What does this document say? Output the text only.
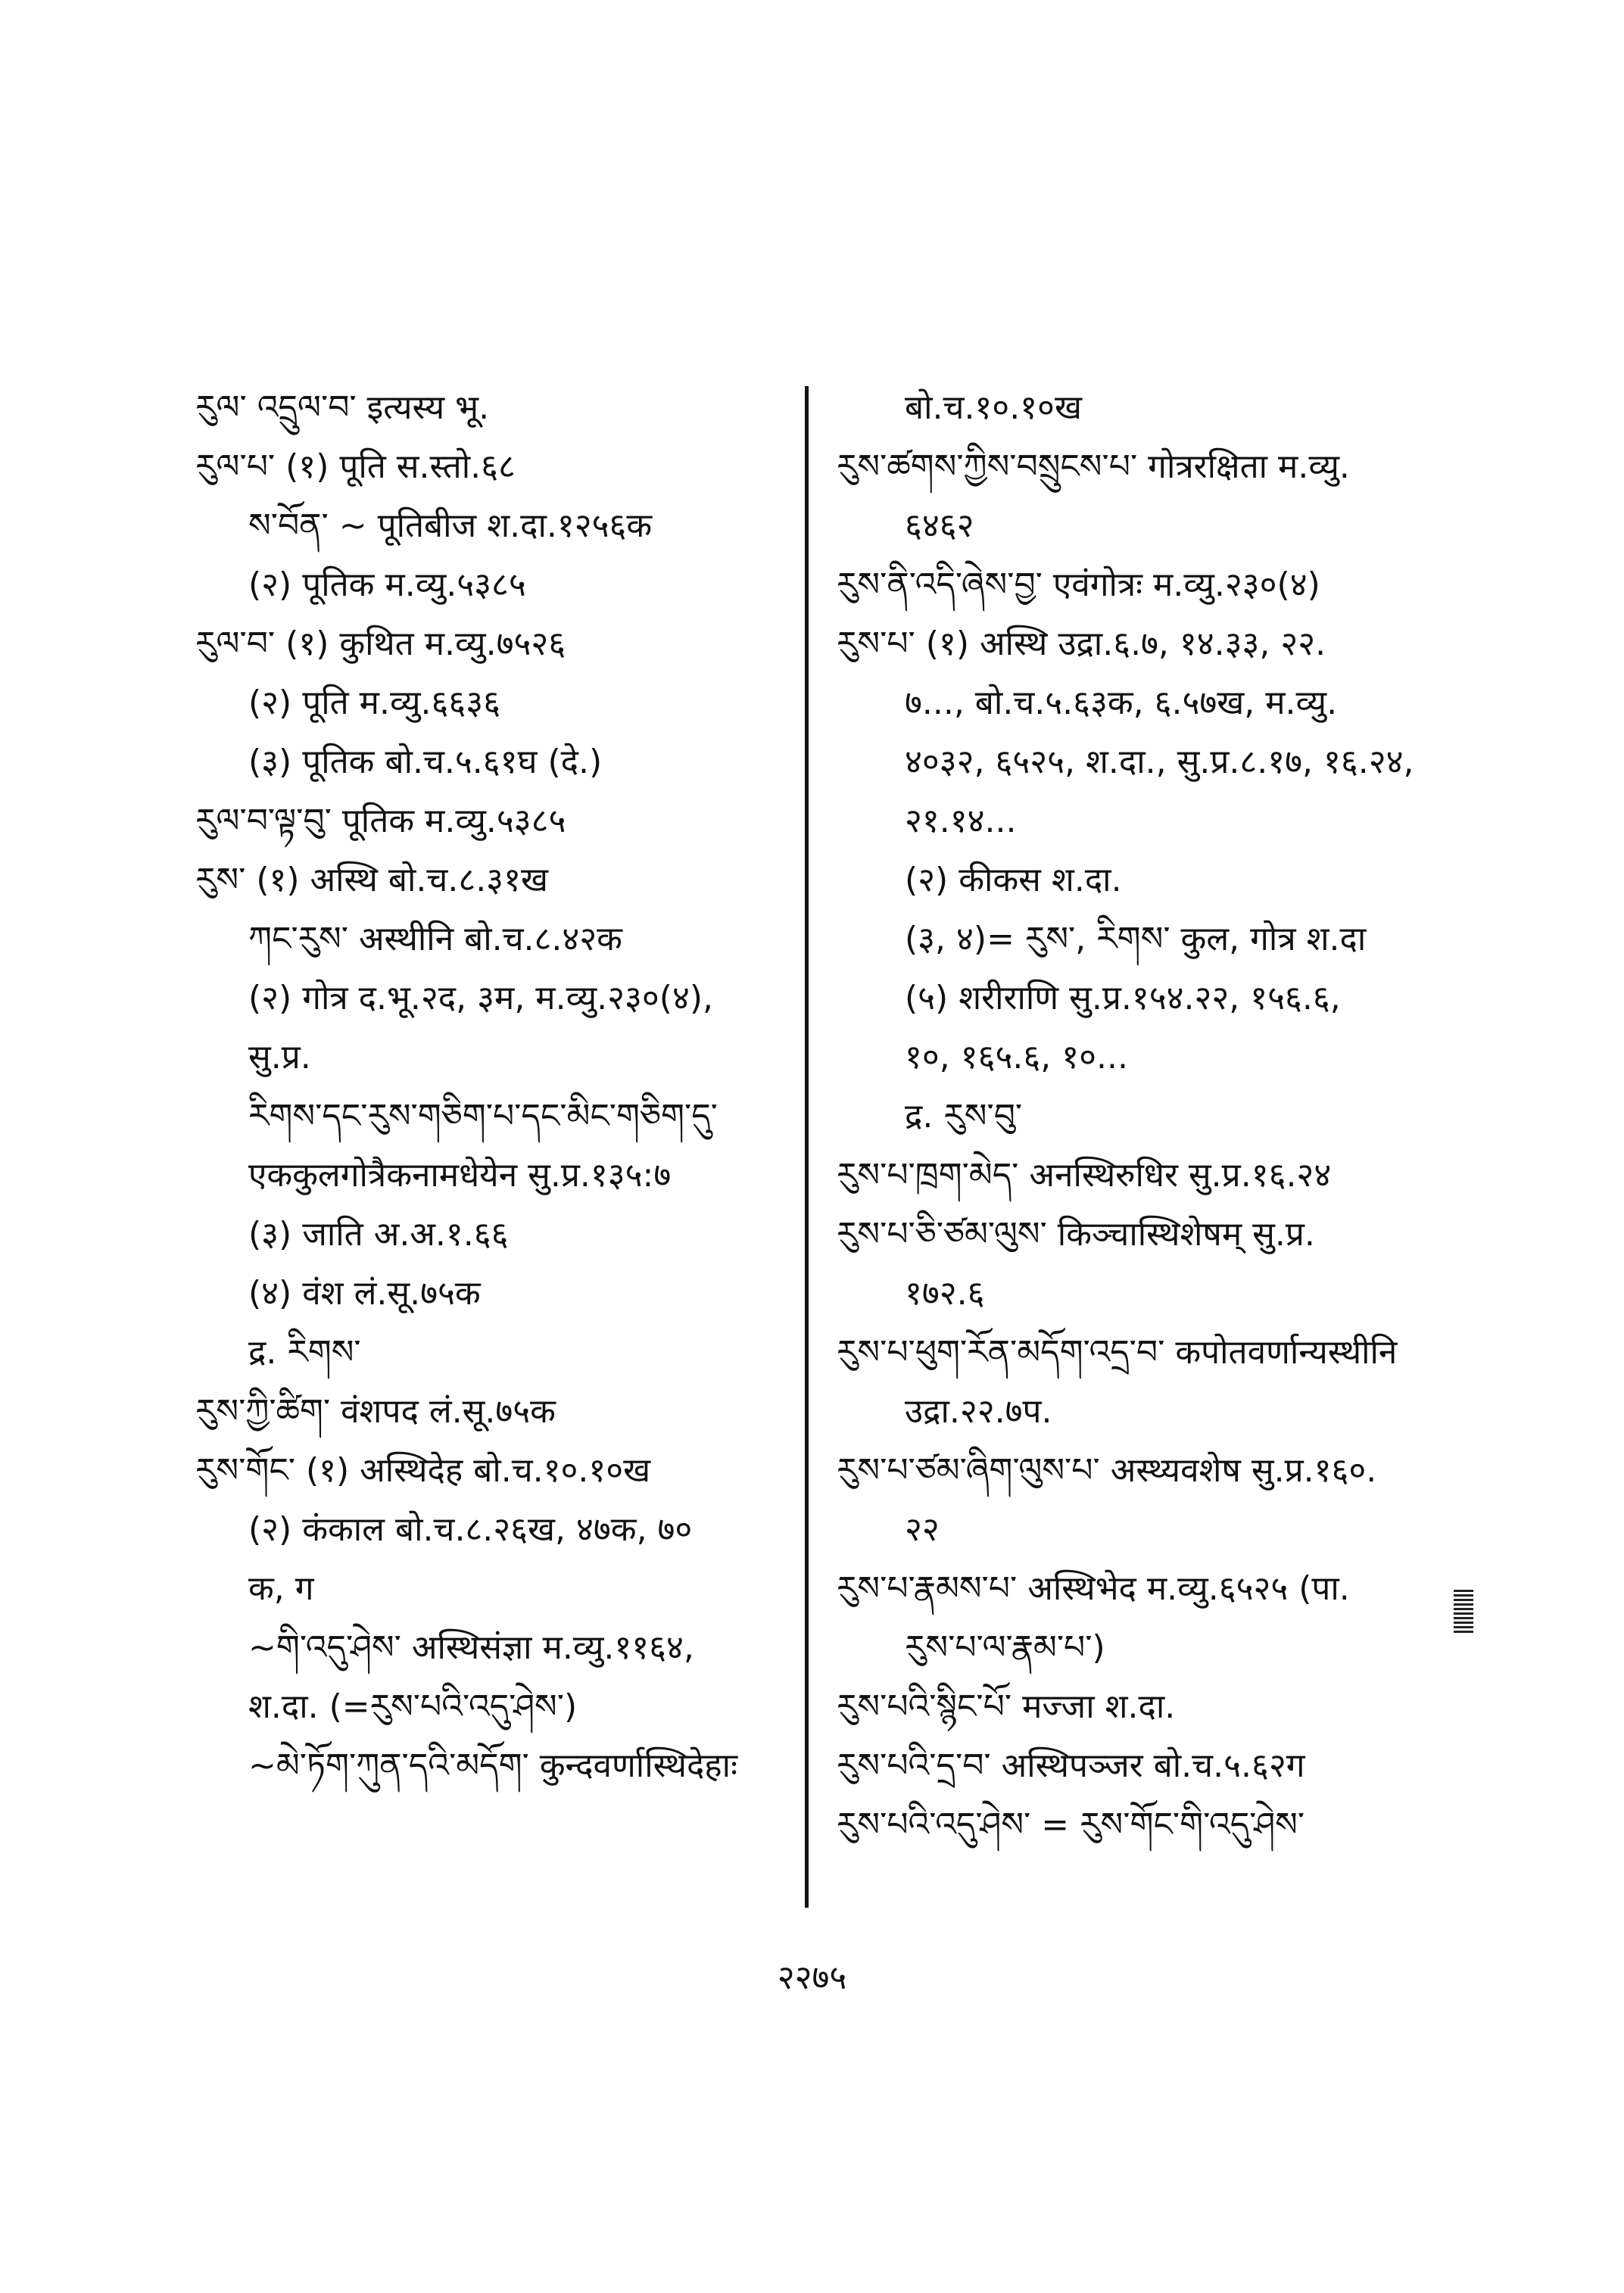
རུལ་ འདྲུལ་བ་ इत्यस्य भू.
རུལ་པ་ (१) पूति स.स्तो.६८
ས་བོན་ ~ पूतिबीज श.दा.१२५६क
(२) पूतिक म.व्यु.५३८५
རུལ་བ་ (१) कुथित म.व्यु.७५२६
(२) पूति म.व्यु.६६३६
(३) पूतिक बो.च.५.६१घ (दे.)
རུལ་བ་ལྟ་བུ་ पूतिक म.व्यु.५३८५
རུས་ (१) अस्थि बो.च.८.३१ख
ཀང་རུས་ अस्थीनि बो.च.८.४२क
(२) गोत्र द.भू.२द, ३म, म.व्यु.२३०(४),
सु.प्र.
རིགས་དང་རུས་གཅིག་པ་དང་མིང་གཅིག་དུ་
एककुलगोत्रैकनामधेयेन सु.प्र.१३५:७
(३) जाति अ.अ.१.६६
(४) वंश लं.सू.७५क
द्र. རིགས་
རུས་ཀྱི་ཚིག་ वंशपद लं.सू.७५क
རུས་གོང་ (१) अस्थिदेह बो.च.१०.१०ख
(२) कंकाल बो.च.८.२६ख, ४७क, ७०
क, ग
~གི་འདུ་ཤེས་ अस्थिसंज्ञा म.व्यु.११६४,
श.दा. (=རུས་པའི་འདུ་ཤེས་)
~མེ་ཏོག་ཀུན་དའི་མདོག་ कुन्दवर्णास्थिदेहाः
बो.च.१०.१०ख
རུས་ཚགས་ཀྱིས་བསྲུངས་པ་ गोत्ररक्षिता म.व्यु.
६४६२
རུས་ནི་འདི་ཞེས་བྱ་ एवंगोत्रः म.व्यु.२३०(४)
རུས་པ་ (१) अस्थि उद्रा.६.७, १४.३३, २२.
७..., बो.च.५.६३क, ६.५७ख, म.व्यु.
४०३२, ६५२५, श.दा., सु.प्र.८.१७, १६.२४,
२१.१४...
(२) कीकस श.दा.
(३, ४)= རུས་, རིགས་ कुल, गोत्र श.दा
(५) शरीराणि सु.प्र.१५४.२२, १५६.६,
१०, १६५.६, १०...
द्र. རུས་བུ་
རུས་པ་ཁྲག་མེད་ अनस्थिरुधिर सु.प्र.१६.२४
རུས་པ་ཅི་ཙམ་ལུས་ किञ्चास्थिशेषम् सु.प्र.
१७२.६
རུས་པ་ཕུག་རོན་མདོག་འདྲ་བ་ कपोतवर्णान्यस्थीनि
उद्रा.२२.७प.
རུས་པ་ཙམ་ཞིག་ལུས་པ་ अस्थ्यवशेष सु.प्र.१६०.
२२
རུས་པ་རྣམས་པ་ अस्थिभेद म.व्यु.६५२५ (पा.
རུས་པ་ལ་རྣམ་པ་)
རུས་པའི་སྙིང་པོ་ मज्जा श.दा.
རུས་པའི་དྲ་བ་ अस्थिपञ्जर बो.च.५.६२ग
རུས་པའི་འདུ་ཤེས་ = རུས་གོང་གི་འདུ་ཤེས་
२२७५
